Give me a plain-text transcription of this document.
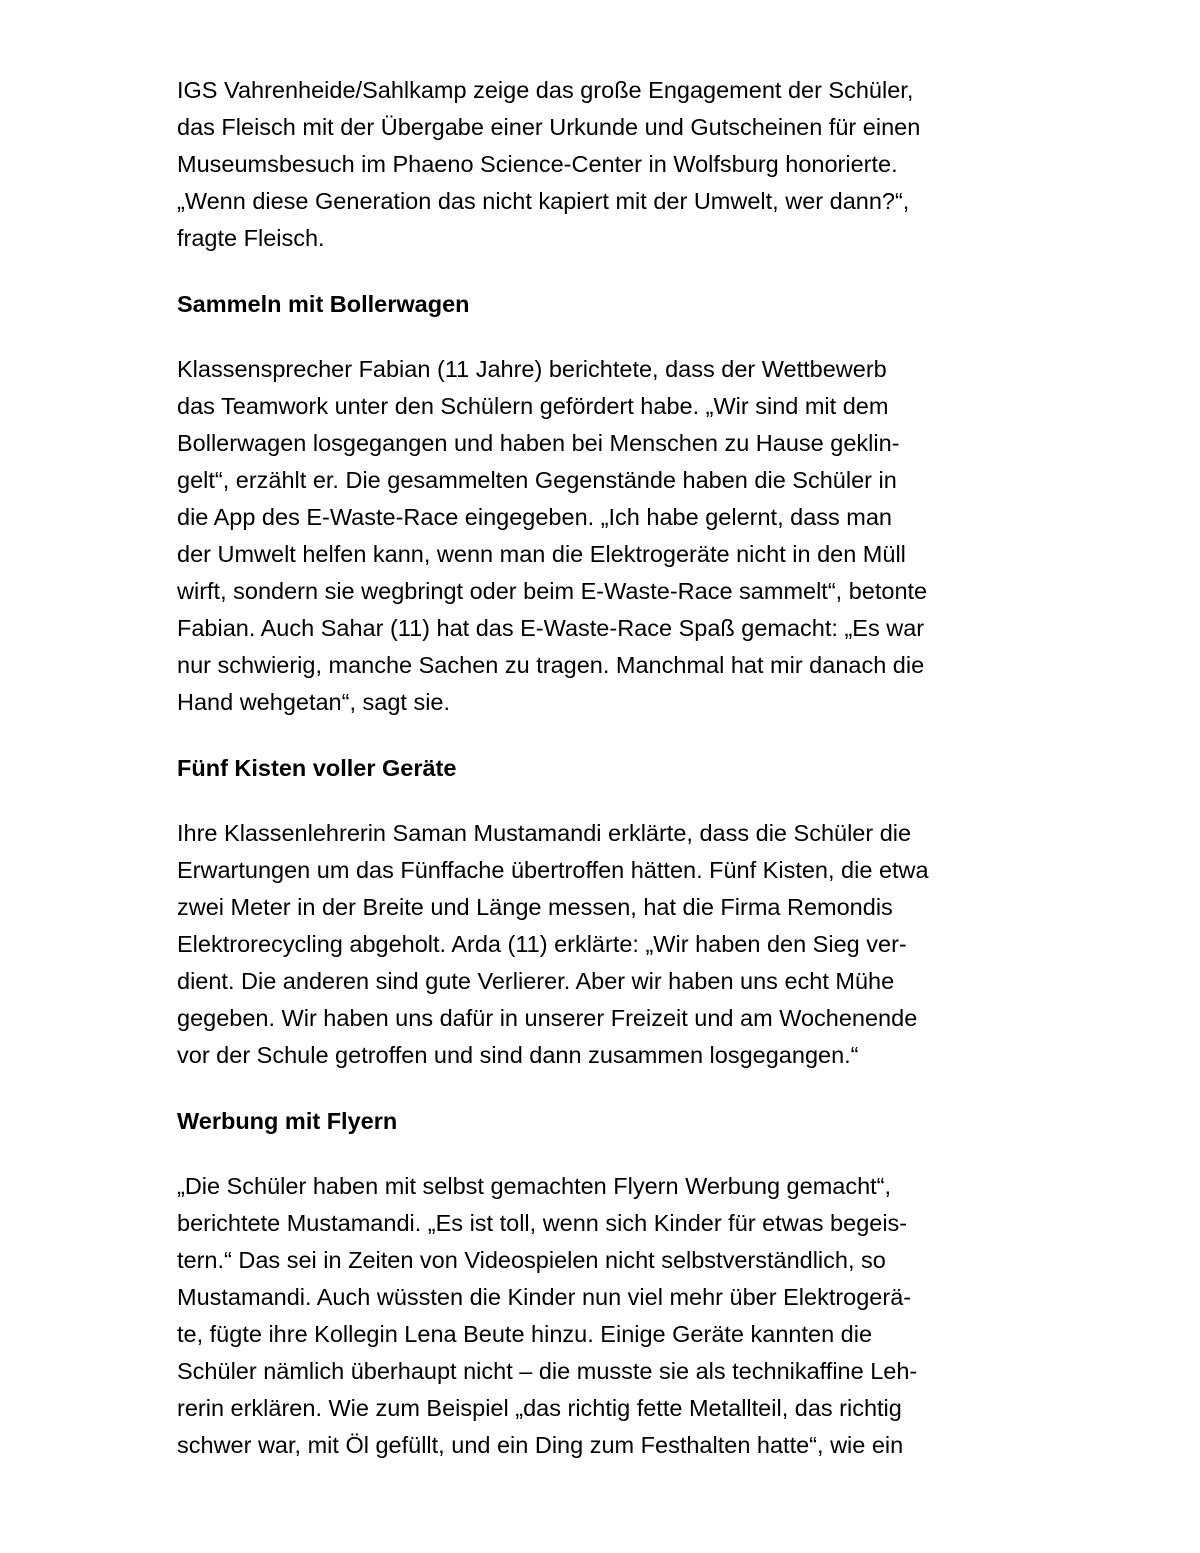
IGS Vahrenheide/Sahlkamp zeige das große Engagement der Schüler,
das Fleisch mit der Übergabe einer Urkunde und Gutscheinen für einen
Museumsbesuch im Phaeno Science-Center in Wolfsburg honorierte.
„Wenn diese Generation das nicht kapiert mit der Umwelt, wer dann?“,
fragte Fleisch.
Sammeln mit Bollerwagen
Klassensprecher Fabian (11 Jahre) berichtete, dass der Wettbewerb
das Teamwork unter den Schülern gefördert habe. „Wir sind mit dem
Bollerwagen losgegangen und haben bei Menschen zu Hause geklin-
gelt“, erzählt er. Die gesammelten Gegenstände haben die Schüler in
die App des E-Waste-Race eingegeben. „Ich habe gelernt, dass man
der Umwelt helfen kann, wenn man die Elektrogeräte nicht in den Müll
wirft, sondern sie wegbringt oder beim E-Waste-Race sammelt“, betonte
Fabian. Auch Sahar (11) hat das E-Waste-Race Spaß gemacht: „Es war
nur schwierig, manche Sachen zu tragen. Manchmal hat mir danach die
Hand wehgetan“, sagt sie.
Fünf Kisten voller Geräte
Ihre Klassenlehrerin Saman Mustamandi erklärte, dass die Schüler die
Erwartungen um das Fünffache übertroffen hätten. Fünf Kisten, die etwa
zwei Meter in der Breite und Länge messen, hat die Firma Remondis
Elektrorecycling abgeholt. Arda (11) erklärte: „Wir haben den Sieg ver-
dient. Die anderen sind gute Verlierer. Aber wir haben uns echt Mühe
gegeben. Wir haben uns dafür in unserer Freizeit und am Wochenende
vor der Schule getroffen und sind dann zusammen losgegangen.“
Werbung mit Flyern
„Die Schüler haben mit selbst gemachten Flyern Werbung gemacht“,
berichtete Mustamandi. „Es ist toll, wenn sich Kinder für etwas begeis-
tern.“ Das sei in Zeiten von Videospielen nicht selbstverständlich, so
Mustamandi. Auch wüssten die Kinder nun viel mehr über Elektrogerä-
te, fügte ihre Kollegin Lena Beute hinzu. Einige Geräte kannten die
Schüler nämlich überhaupt nicht – die musste sie als technikaffine Leh-
rerin erklären. Wie zum Beispiel „das richtig fette Metallteil, das richtig
schwer war, mit Öl gefüllt, und ein Ding zum Festhalten hatte“, wie ein
